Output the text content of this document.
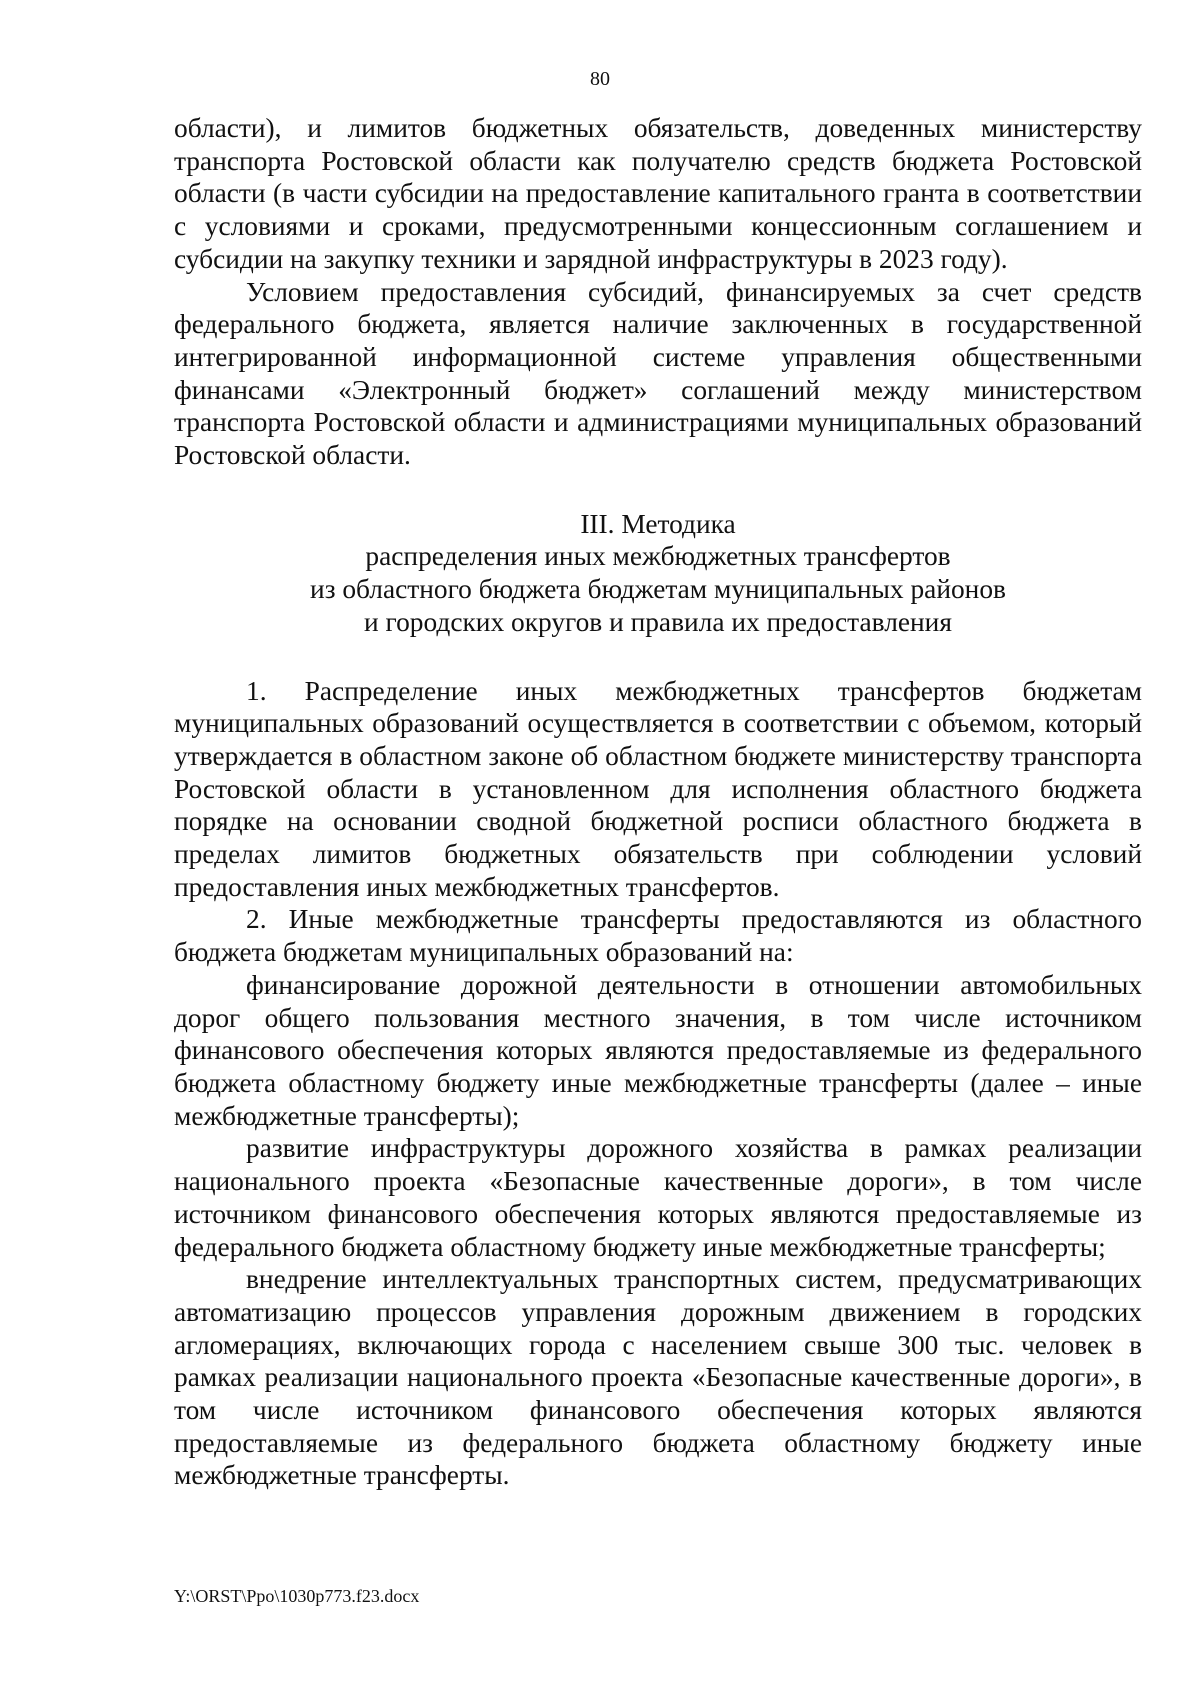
80

области), и лимитов бюджетных обязательств, доведенных министерству транспорта Ростовской области как получателю средств бюджета Ростовской области (в части субсидии на предоставление капитального гранта в соответствии с условиями и сроками, предусмотренными концессионным соглашением и субсидии на закупку техники и зарядной инфраструктуры в 2023 году).

Условием предоставления субсидий, финансируемых за счет средств федерального бюджета, является наличие заключенных в государственной интегрированной информационной системе управления общественными финансами «Электронный бюджет» соглашений между министерством транспорта Ростовской области и администрациями муниципальных образований Ростовской области.

III. Методика
распределения иных межбюджетных трансфертов
из областного бюджета бюджетам муниципальных районов
и городских округов и правила их предоставления

1. Распределение иных межбюджетных трансфертов бюджетам муниципальных образований осуществляется в соответствии с объемом, который утверждается в областном законе об областном бюджете министерству транспорта Ростовской области в установленном для исполнения областного бюджета порядке на основании сводной бюджетной росписи областного бюджета в пределах лимитов бюджетных обязательств при соблюдении условий предоставления иных межбюджетных трансфертов.

2. Иные межбюджетные трансферты предоставляются из областного бюджета бюджетам муниципальных образований на:

финансирование дорожной деятельности в отношении автомобильных дорог общего пользования местного значения, в том числе источником финансового обеспечения которых являются предоставляемые из федерального бюджета областному бюджету иные межбюджетные трансферты (далее – иные межбюджетные трансферты);

развитие инфраструктуры дорожного хозяйства в рамках реализации национального проекта «Безопасные качественные дороги», в том числе источником финансового обеспечения которых являются предоставляемые из федерального бюджета областному бюджету иные межбюджетные трансферты;

внедрение интеллектуальных транспортных систем, предусматривающих автоматизацию процессов управления дорожным движением в городских агломерациях, включающих города с населением свыше 300 тыс. человек в рамках реализации национального проекта «Безопасные качественные дороги», в том числе источником финансового обеспечения которых являются предоставляемые из федерального бюджета областному бюджету иные межбюджетные трансферты.

Y:\ORST\Ppo\1030p773.f23.docx
